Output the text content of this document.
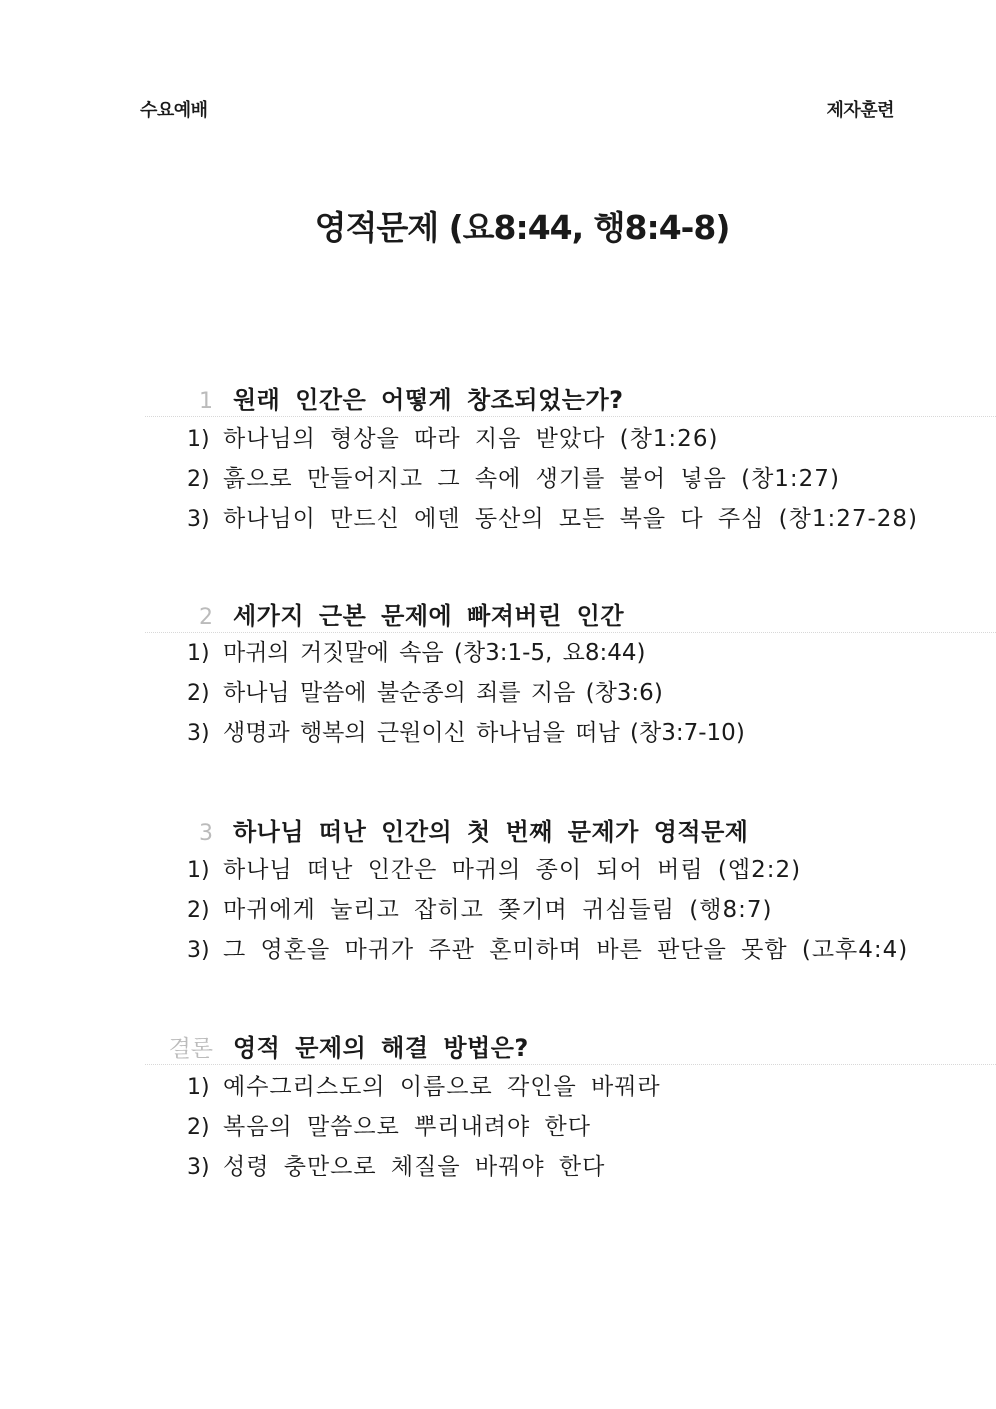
수요예배	제자훈련
영적문제 (요8:44, 행8:4-8)
1 원래 인간은 어떻게 창조되었는가?
1) 하나님의 형상을 따라 지음 받았다 (창1:26)
2) 흙으로 만들어지고 그 속에 생기를 불어 넣음 (창1:27)
3) 하나님이 만드신 에덴 동산의 모든 복을 다 주심 (창1:27-28)
2 세가지 근본 문제에 빠져버린 인간
1) 마귀의 거짓말에 속음 (창3:1-5, 요8:44)
2) 하나님 말씀에 불순종의 죄를 지음 (창3:6)
3) 생명과 행복의 근원이신 하나님을 떠남 (창3:7-10)
3 하나님 떠난 인간의 첫 번째 문제가 영적문제
1) 하나님 떠난 인간은 마귀의 종이 되어 버림 (엡2:2)
2) 마귀에게 눌리고 잡히고 쫒기며 귀심들림 (행8:7)
3) 그 영혼을 마귀가 주관 혼미하며 바른 판단을 못함 (고후4:4)
결론 영적 문제의 해결 방법은?
1) 예수그리스도의 이름으로 각인을 바꿔라
2) 복음의 말씀으로 뿌리내려야 한다
3) 성령 충만으로 체질을 바꿔야 한다
